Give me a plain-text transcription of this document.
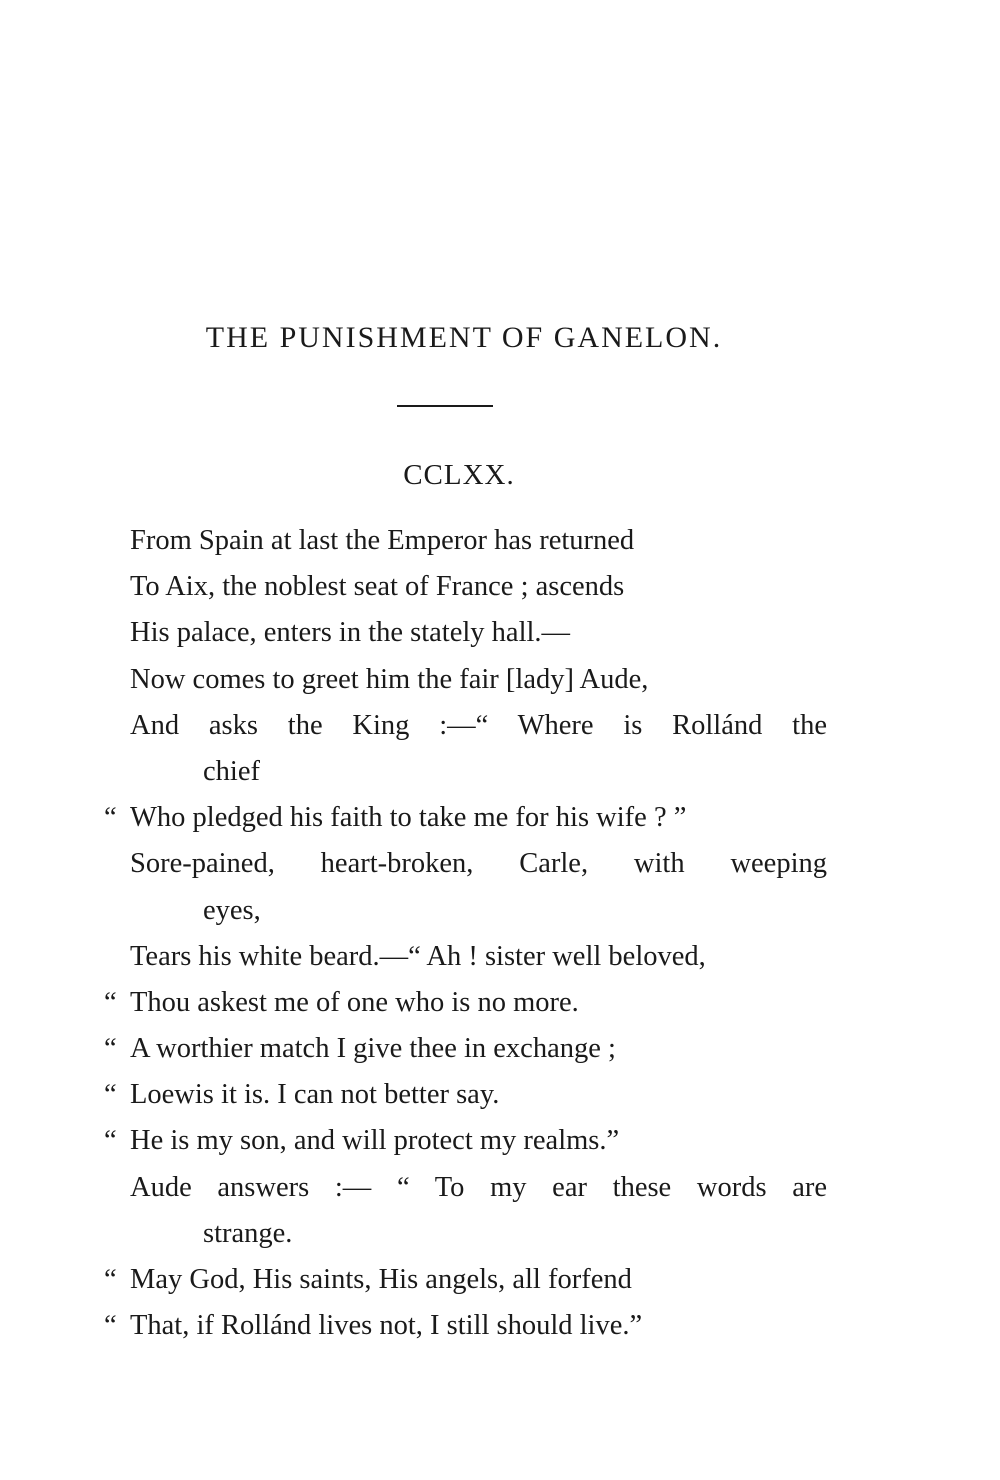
THE PUNISHMENT OF GANELON.
CCLXX.
From Spain at last the Emperor has returned
To Aix, the noblest seat of France ; ascends
His palace, enters in the stately hall.—
Now comes to greet him the fair [lady] Aude,
And asks the King :—“ Where is Rollánd the
chief
“ Who pledged his faith to take me for his wife ? ”
Sore-pained, heart-broken, Carle, with weeping
eyes,
Tears his white beard.—“ Ah ! sister well beloved,
“ Thou askest me of one who is no more.
“ A worthier match I give thee in exchange ;
“ Loewis it is. I can not better say.
“ He is my son, and will protect my realms.”
Aude answers :— “ To my ear these words are
strange.
“ May God, His saints, His angels, all forfend
“ That, if Rollánd lives not, I still should live.”
